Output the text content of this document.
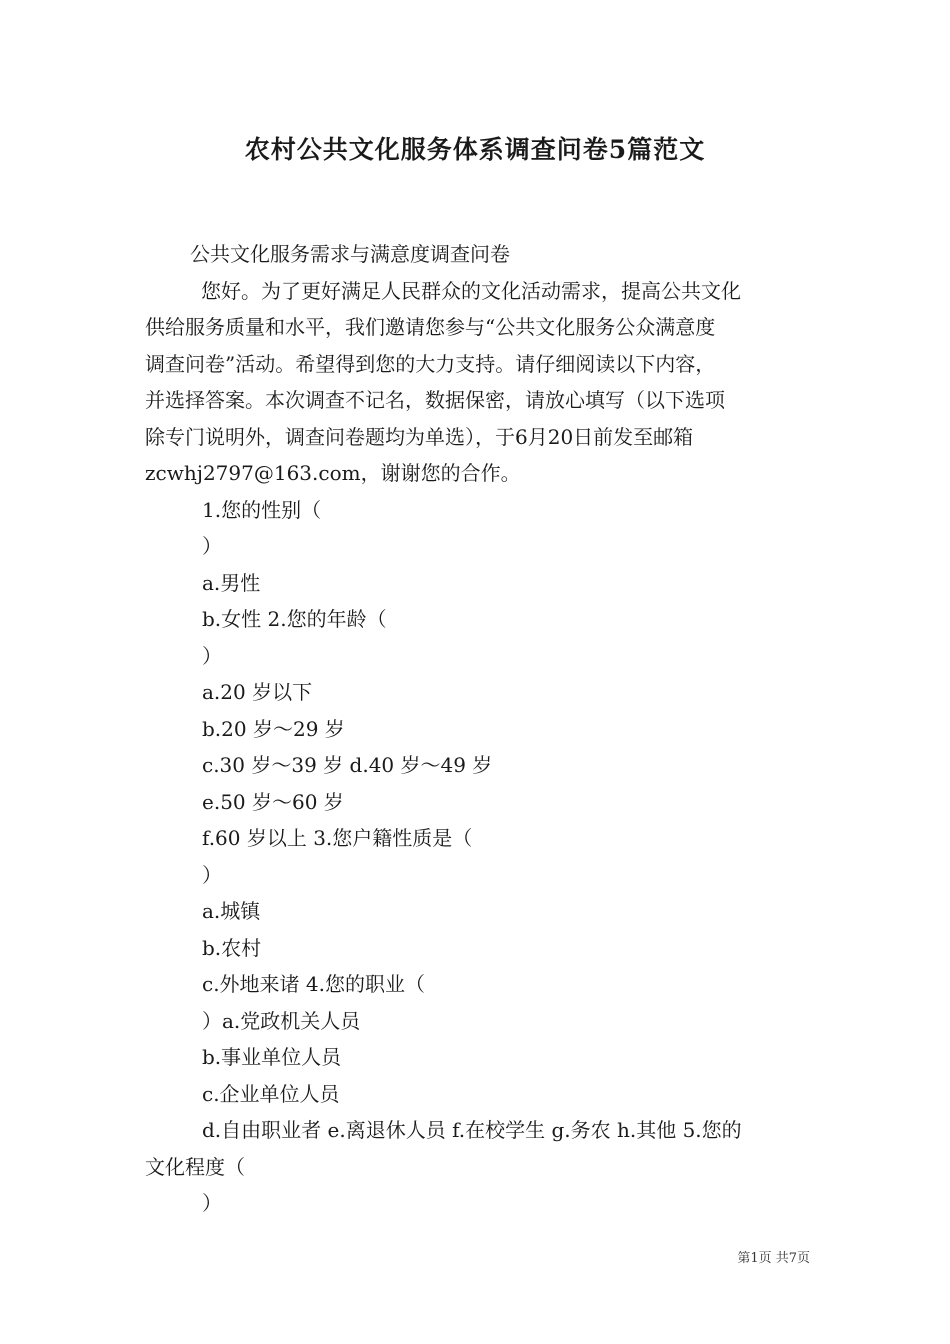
农村公共文化服务体系调查问卷5篇范文
公共文化服务需求与满意度调查问卷
您好。为了更好满足人民群众的文化活动需求，提高公共文化
供给服务质量和水平，我们邀请您参与“公共文化服务公众满意度
调查问卷”活动。希望得到您的大力支持。请仔细阅读以下内容，
并选择答案。本次调查不记名，数据保密，请放心填写（以下选项
除专门说明外，调查问卷题均为单选），于6月20日前发至邮箱
zcwhj2797@163.com，谢谢您的合作。
1.您的性别（
）
a.男性
b.女性 2.您的年龄（
）
a.20 岁以下
b.20 岁～29 岁
c.30 岁～39 岁 d.40 岁～49 岁
e.50 岁～60 岁
f.60 岁以上 3.您户籍性质是（
）
a.城镇
b.农村
c.外地来诸 4.您的职业（
）a.党政机关人员
b.事业单位人员
c.企业单位人员
d.自由职业者 e.离退休人员 f.在校学生 g.务农 h.其他 5.您的
文化程度（
）
第1页 共7页
